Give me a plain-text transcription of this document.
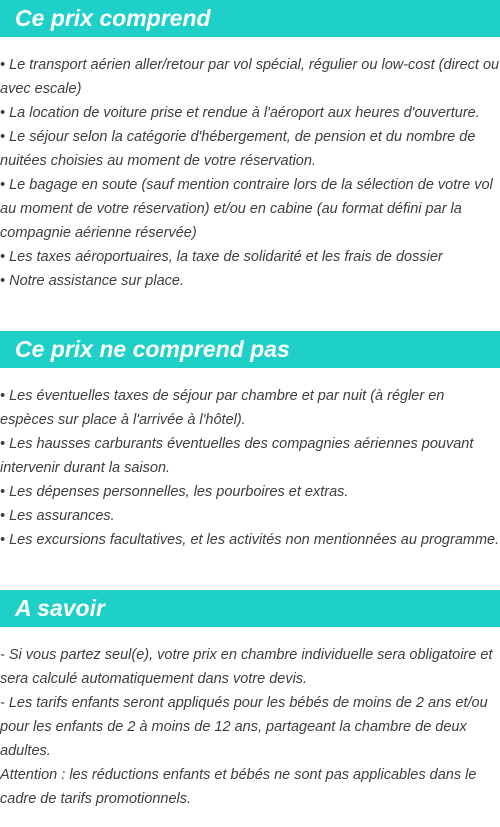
Ce prix comprend
• Le transport aérien aller/retour par vol spécial, régulier ou low-cost (direct ou avec escale)
• La location de voiture prise et rendue à l'aéroport aux heures d'ouverture.
• Le séjour selon la catégorie d'hébergement, de pension et du nombre de nuitées choisies au moment de votre réservation.
• Le bagage en soute (sauf mention contraire lors de la sélection de votre vol au moment de votre réservation) et/ou en cabine (au format défini par la compagnie aérienne réservée)
• Les taxes aéroportuaires, la taxe de solidarité et les frais de dossier
• Notre assistance sur place.
Ce prix ne comprend pas
• Les éventuelles taxes de séjour par chambre et par nuit (à régler en espèces sur place à l'arrivée à l'hôtel).
• Les hausses carburants éventuelles des compagnies aériennes pouvant intervenir durant la saison.
• Les dépenses personnelles, les pourboires et extras.
• Les assurances.
• Les excursions facultatives, et les activités non mentionnées au programme.
A savoir
- Si vous partez seul(e), votre prix en chambre individuelle sera obligatoire et sera calculé automatiquement dans votre devis.
- Les tarifs enfants seront appliqués pour les bébés de moins de 2 ans et/ou pour les enfants de 2 à moins de 12 ans, partageant la chambre de deux adultes.
Attention : les réductions enfants et bébés ne sont pas applicables dans le cadre de tarifs promotionnels.
